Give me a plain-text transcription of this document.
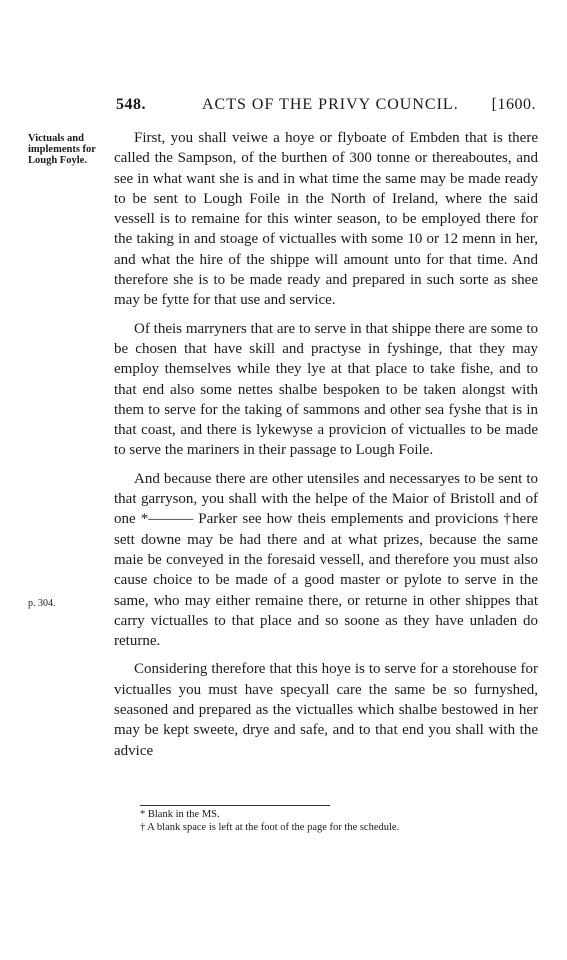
548.	ACTS OF THE PRIVY COUNCIL. [1600.
Victuals and implements for Lough Foyle.
p. 304.

First, you shall veiwe a hoye or flyboate of Embden that is there called the Sampson, of the burthen of 300 tonne or thereaboutes, and see in what want she is and in what time the same may be made ready to be sent to Lough Foile in the North of Ireland, where the said vessell is to remaine for this winter season, to be employed there for the taking in and stoage of victualles with some 10 or 12 menn in her, and what the hire of the shippe will amount unto for that time. And therefore she is to be made ready and prepared in such sorte as shee may be fytte for that use and service.

Of theis marryners that are to serve in that shippe there are some to be chosen that have skill and practyse in fyshinge, that they may employ themselves while they lye at that place to take fishe, and to that end also some nettes shalbe bespoken to be taken alongst with them to serve for the taking of sammons and other sea fyshe that is in that coast, and there is lykewyse a provicion of victualles to be made to serve the mariners in their passage to Lough Foile.

And because there are other utensiles and necessaryes to be sent to that garryson, you shall with the helpe of the Maior of Bristoll and of one *——— Parker see how theis emplements and provicions †here sett downe may be had there and at what prizes, because the same maie be conveyed in the foresaid vessell, and therefore you must also cause choice to be made of a good master or pylote to serve in the same, who may either remaine there, or returne in other shippes that carry victualles to that place and so soone as they have unladen do returne.

Considering therefore that this hoye is to serve for a storehouse for victualles you must have specyall care the same be so furnyshed, seasoned and prepared as the victualles which shalbe bestowed in her may be kept sweete, drye and safe, and to that end you shall with the advice

* Blank in the MS.
† A blank space is left at the foot of the page for the schedule.
